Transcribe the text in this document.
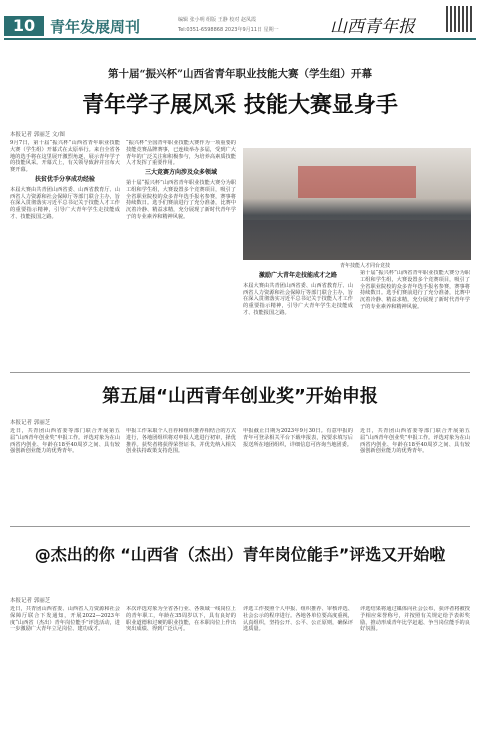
10 青年发展周刊	编辑 张小明 组版 王静 校对 赵凤霞
Tel:0351-6598868 2023年9月11日 星期一	山西青年报
第十届“振兴杯”山西省青年职业技能大赛（学生组）开幕
青年学子展风采 技能大赛显身手
本报记者 郭丽芝 文/图
9月7日，第十届“振兴杯”山西省青年职业技能大赛（学生组）开幕式在太原举行。来自全省各地的选手将在这里展开激烈角逐，展示青年学子的技能风采。开幕式上，有关领导致辞并宣布大赛开幕。
扶贫优手分享成功经验
本届大赛由共青团山西省委、山西省教育厅、山西省人力资源和社会保障厅等部门联合主办，旨在深入贯彻落实习近平总书记关于技能人才工作的重要指示精神，引导广大青年学生走技能成才、技能报国之路。
“振兴杯”全国青年职业技能大赛作为一项重要的技能竞赛品牌赛事，已连续举办多届，受到广大青年的广泛关注和积极参与，为培养高素质技能人才发挥了重要作用。
三大竞赛方向涉及众多领域
第十届“振兴杯”山西省青年职业技能大赛分为职工组和学生组，大赛设置多个竞赛项目，吸引了全省职业院校的众多青年选手报名参赛，赛事将持续数日。选手们赛前进行了充分准备，比赛中沉着冷静、精益求精，充分展现了新时代青年学子的专业素养和精神风貌。
青年技能人才同台竞技
激励广大青年走技能成才之路
本届大赛由共青团山西省委、山西省教育厅、山西省人力资源和社会保障厅等部门联合主办，旨在深入贯彻落实习近平总书记关于技能人才工作的重要指示精神，引导广大青年学生走技能成才、技能报国之路。
第十届“振兴杯”山西省青年职业技能大赛分为职工组和学生组，大赛设置多个竞赛项目，吸引了全省职业院校的众多青年选手报名参赛，赛事将持续数日。选手们赛前进行了充分准备，比赛中沉着冷静、精益求精，充分展现了新时代青年学子的专业素养和精神风貌。
第五届“山西青年创业奖”开始申报
本报记者 郭丽芝
近日，共青团山西省委等部门联合开展第五届“山西青年创业奖”申报工作。评选对象为在山西省内创业、年龄在18至40周岁之间、具有较强创新创业能力的优秀青年。
申报工作采取个人自荐和组织推荐相结合的方式进行，各地团组织将对申报人选进行初审，择优推荐。获奖者将获得荣誉证书，并优先纳入相关创业扶持政策支持范围。
申报截止日期为2023年9月30日。有意申报的青年可登录相关平台下载申报表，按要求填写后报送所在地团组织，详细信息可咨询当地团委。
近日，共青团山西省委等部门联合开展第五届“山西青年创业奖”申报工作。评选对象为在山西省内创业、年龄在18至40周岁之间、具有较强创新创业能力的优秀青年。
@杰出的你 “山西省（杰出）青年岗位能手”评选又开始啦
本报记者 郭丽芝
近日，共青团山西省委、山西省人力资源和社会保障厅联合下发通知，开展2022—2023年度“山西省（杰出）青年岗位能手”评选活动，进一步激励广大青年立足岗位、建功成才。
本次评选对象为全省各行业、各领域一线岗位上的青年职工，年龄在35周岁以下，具有良好的职业道德和过硬的职业技能，在本职岗位上作出突出成绩、得到广泛认可。
评选工作按照个人申报、组织推荐、审核评选、社会公示的程序进行。各地各单位要高度重视，认真组织，坚持公开、公平、公正原则，确保评选质量。
评选结果将通过媒体向社会公布，获评者将被授予相应荣誉称号，并按照有关规定给予表彰奖励，推动形成青年比学赶超、争当岗位能手的良好氛围。
